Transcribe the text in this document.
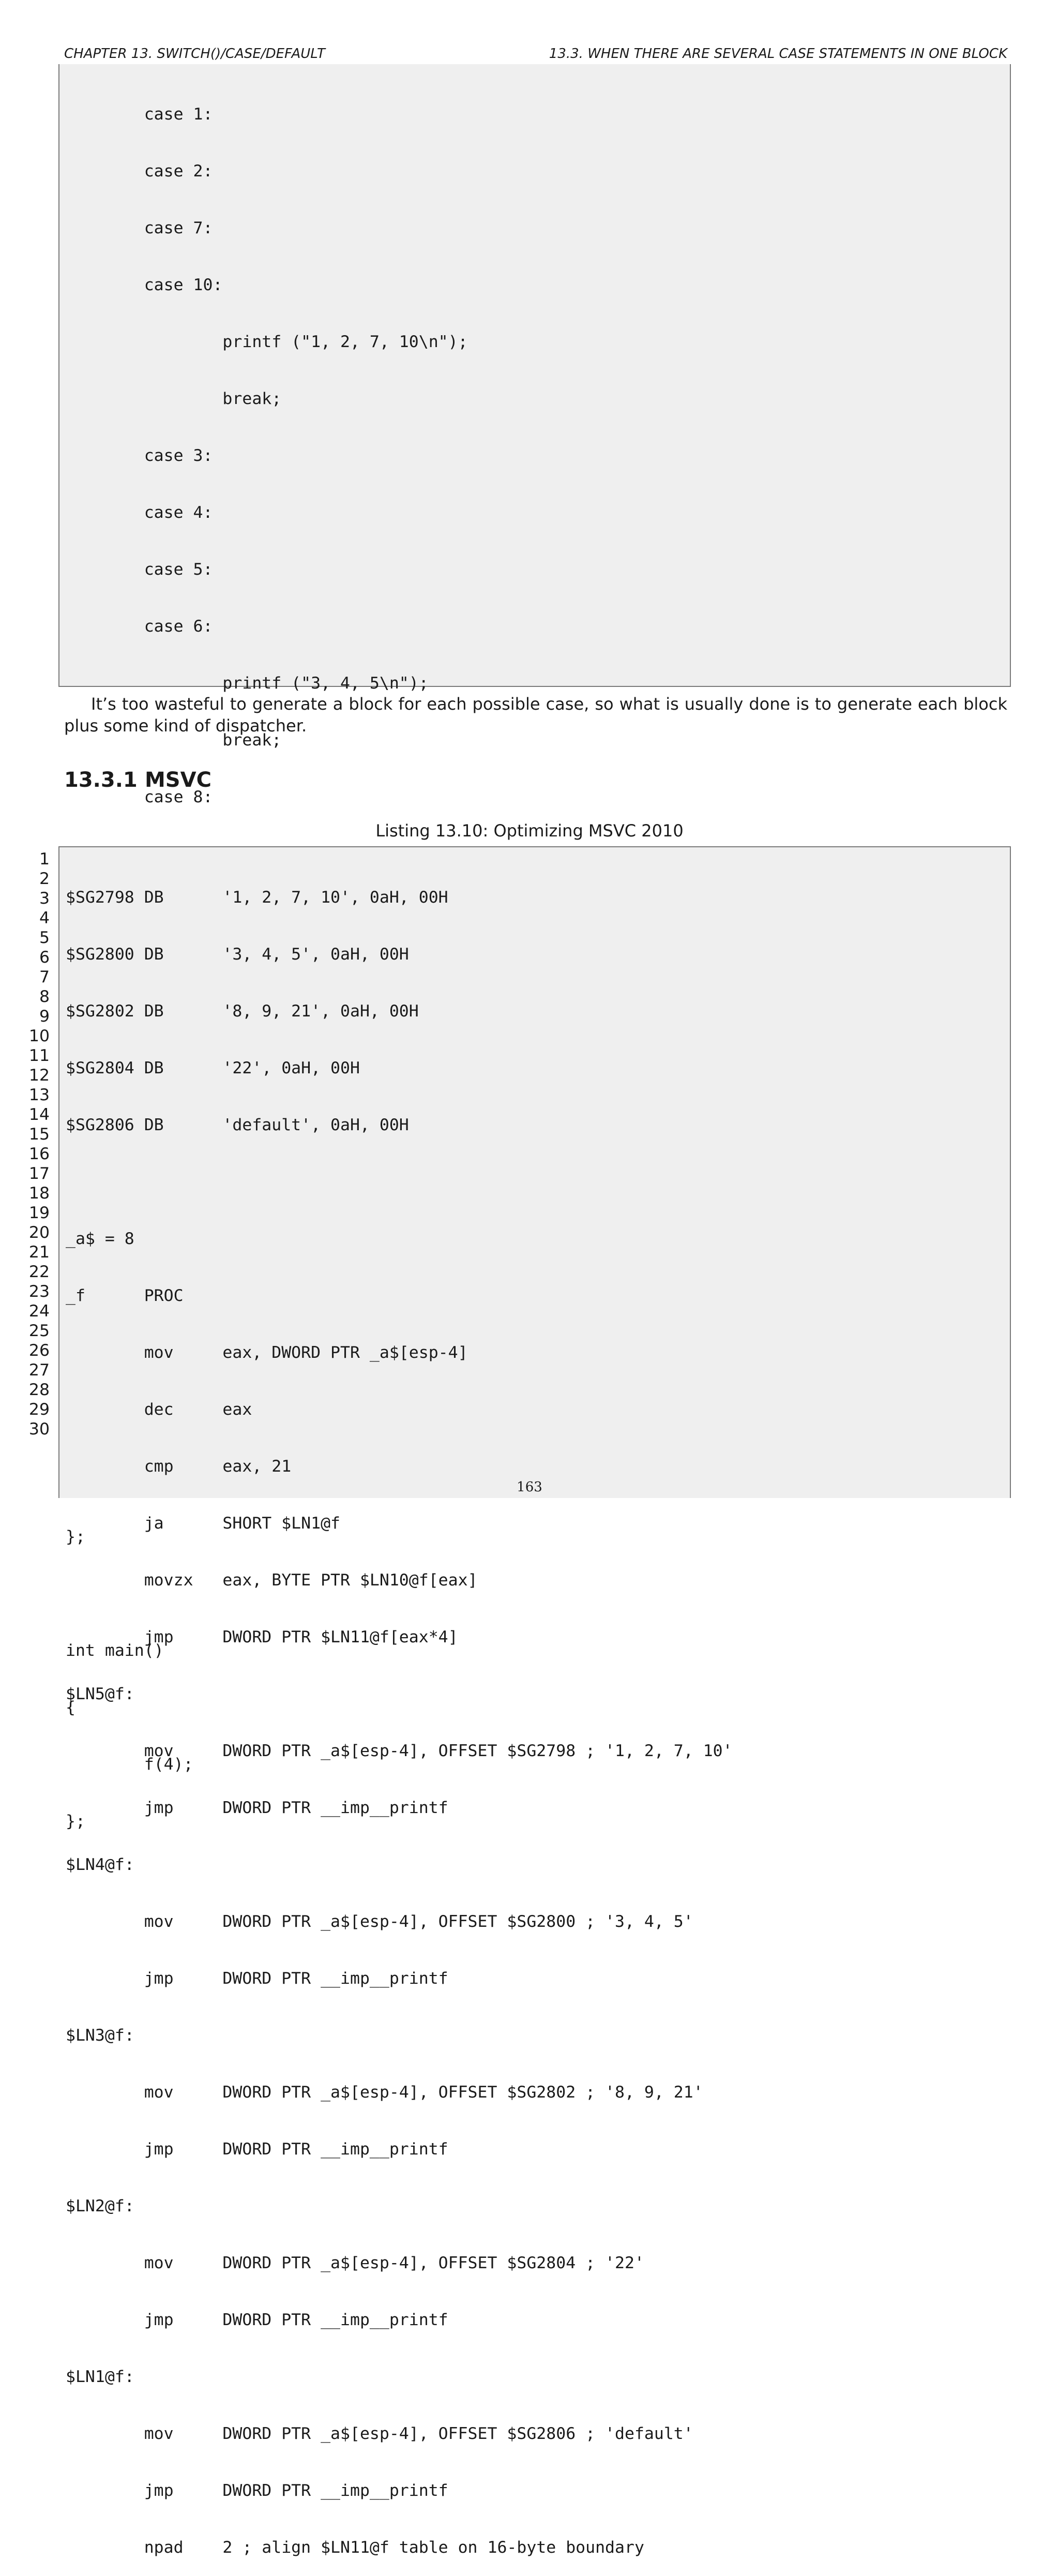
CHAPTER 13. SWITCH()/CASE/DEFAULT	13.3. WHEN THERE ARE SEVERAL CASE STATEMENTS IN ONE BLOCK

case 1:

case 2:

case 7:

case 10:

printf ("1, 2, 7, 10\n");

break;

case 3:

case 4:

case 5:

case 6:

printf ("3, 4, 5\n");

break;

case 8:

};

int main()

{

f(4);

};

It’s too wasteful to generate a block for each possible case, so what is usually done is to generate each block plus some kind of dispatcher.
13.3.1 MSVC
Listing 13.10: Optimizing MSVC 2010
1
2
3
4
5
6
7
8
9
10
11
12
13
14
15
16
17
18
19
20
21
22
23
24
25
26
27
28
29
30

$SG2798 DB      '1, 2, 7, 10', 0aH, 00H

$SG2800 DB      '3, 4, 5', 0aH, 00H

$SG2802 DB      '8, 9, 21', 0aH, 00H

$SG2804 DB      '22', 0aH, 00H

$SG2806 DB      'default', 0aH, 00H

_a$ = 8

_f      PROC

mov     eax, DWORD PTR _a$[esp-4]

dec     eax

cmp     eax, 21

ja      SHORT $LN1@f

movzx   eax, BYTE PTR $LN10@f[eax]

jmp     DWORD PTR $LN11@f[eax*4]

$LN5@f:

mov     DWORD PTR _a$[esp-4], OFFSET $SG2798 ; '1, 2, 7, 10'

jmp     DWORD PTR __imp__printf

$LN4@f:

mov     DWORD PTR _a$[esp-4], OFFSET $SG2800 ; '3, 4, 5'

jmp     DWORD PTR __imp__printf

$LN3@f:

mov     DWORD PTR _a$[esp-4], OFFSET $SG2802 ; '8, 9, 21'

jmp     DWORD PTR __imp__printf

$LN2@f:

mov     DWORD PTR _a$[esp-4], OFFSET $SG2804 ; '22'

jmp     DWORD PTR __imp__printf

$LN1@f:

mov     DWORD PTR _a$[esp-4], OFFSET $SG2806 ; 'default'

jmp     DWORD PTR __imp__printf

npad    2 ; align $LN11@f table on 16-byte boundary

163
